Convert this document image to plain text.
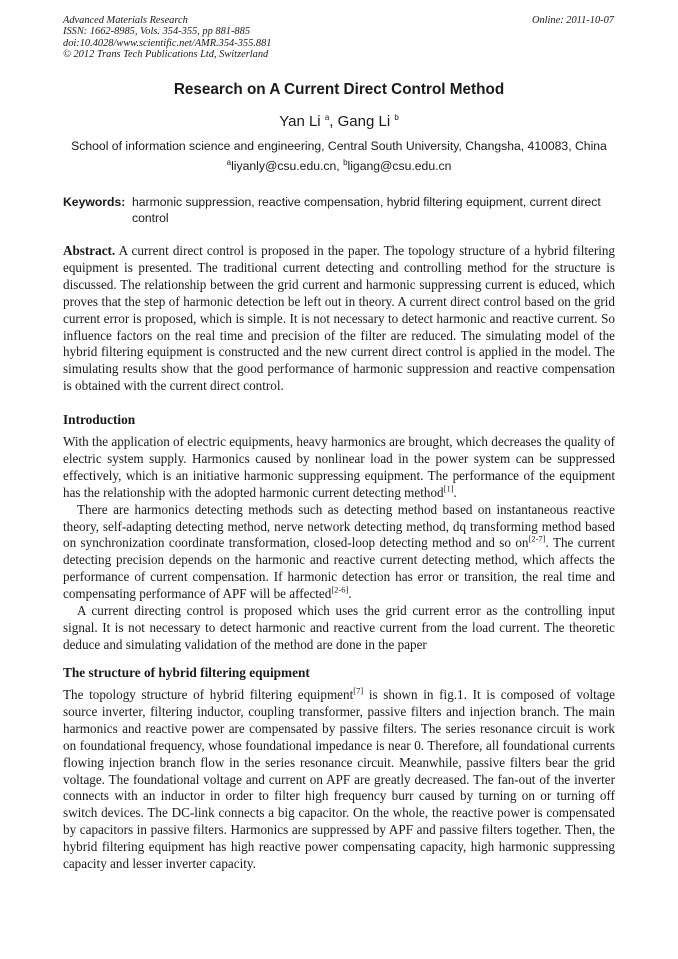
Advanced Materials Research
ISSN: 1662-8985, Vols. 354-355, pp 881-885
doi:10.4028/www.scientific.net/AMR.354-355.881
© 2012 Trans Tech Publications Ltd, Switzerland
Online: 2011-10-07
Research on A Current Direct Control Method
Yan Li $^a$, Gang Li $^b$
School of information science and engineering, Central South University, Changsha, 410083, China
$^a$liyanly@csu.edu.cn, $^b$ligang@csu.edu.cn
Keywords: harmonic suppression, reactive compensation, hybrid filtering equipment, current direct control

Abstract. A current direct control is proposed in the paper. The topology structure of a hybrid filtering equipment is presented. The traditional current detecting and controlling method for the structure is discussed. The relationship between the grid current and harmonic suppressing current is educed, which proves that the step of harmonic detection be left out in theory. A current direct control based on the grid current error is proposed, which is simple. It is not necessary to detect harmonic and reactive current. So influence factors on the real time and precision of the filter are reduced. The simulating model of the hybrid filtering equipment is constructed and the new current direct control is applied in the model. The simulating results show that the good performance of harmonic suppression and reactive compensation is obtained with the current direct control.

Introduction

With the application of electric equipments, heavy harmonics are brought, which decreases the quality of electric system supply. Harmonics caused by nonlinear load in the power system can be suppressed effectively, which is an initiative harmonic suppressing equipment. The performance of the equipment has the relationship with the adopted harmonic current detecting method[1].

There are harmonics detecting methods such as detecting method based on instantaneous reactive theory, self-adapting detecting method, nerve network detecting method, dq transforming method based on synchronization coordinate transformation, closed-loop detecting method and so on[2-7]. The current detecting precision depends on the harmonic and reactive current detecting method, which affects the performance of current compensation. If harmonic detection has error or transition, the real time and compensating performance of APF will be affected[2-6].

A current directing control is proposed which uses the grid current error as the controlling input signal. It is not necessary to detect harmonic and reactive current from the load current. The theoretic deduce and simulating validation of the method are done in the paper

The structure of hybrid filtering equipment

The topology structure of hybrid filtering equipment[7] is shown in fig.1. It is composed of voltage source inverter, filtering inductor, coupling transformer, passive filters and injection branch. The main harmonics and reactive power are compensated by passive filters. The series resonance circuit is work on foundational frequency, whose foundational impedance is near 0. Therefore, all foundational currents flowing injection branch flow in the series resonance circuit. Meanwhile, passive filters bear the grid voltage. The foundational voltage and current on APF are greatly decreased. The fan-out of the inverter connects with an inductor in order to filter high frequency burr caused by turning on or turning off switch devices. The DC-link connects a big capacitor. On the whole, the reactive power is compensated by capacitors in passive filters. Harmonics are suppressed by APF and passive filters together. Then, the hybrid filtering equipment has high reactive power compensating capacity, high harmonic suppressing capacity and lesser inverter capacity.
